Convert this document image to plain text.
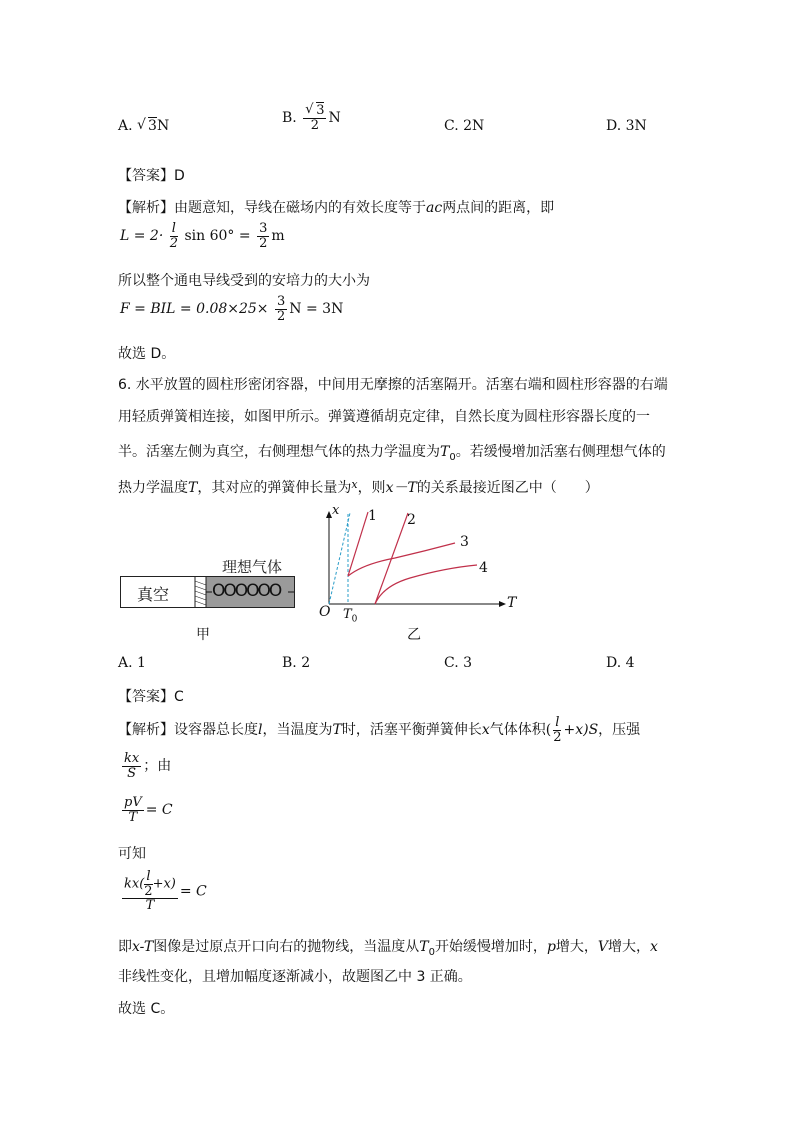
A. √ 3N	B. √ $\frac{3}{2}$ N	C. 2N	D. 3N
【答案】D
【解析】由题意知，导线在磁场内的有效长度等于ac两点间的距离，即
$L = 2\cdot \frac{l}{2}$ $\sin 60^\circ = \frac{3}{2}$ m
所以整个通电导线受到的安培力的大小为
F = BIL = $0.08\times 25\times \frac{3}{2}$ N = 3N
故选 D。
6. 水平放置的圆柱形密闭容器，中间用无摩擦的活塞隔开。活塞右端和圆柱形容器的右端
用轻质弹簧相连接，如图甲所示。弹簧遵循胡克定律，自然长度为圆柱形容器长度的一
半。活塞左侧为真空，右侧理想气体的热力学温度为$T_0$。若缓慢增加活塞右侧理想气体的
热力学温度T，其对应的弹簧伸长量为$^x$，则x－T的关系最接近图乙中（　　）
理想气体
真空	OOOOOO
甲
x 1 2
3
4
T
O $T_0$
乙
A. 1	B. 2	C. 3	D. 4
【答案】C
【解析】设容器总长度l，当温度为T时，活塞平衡弹簧伸长x气体体积( $\frac{l}{2} +x)S$，压强
$\frac{kx}{S}$ ；由
$\frac{pV}{T} = C$
可知
$\frac{kx( \frac{l}{2} +x)}{T} = C$
即x-T图像是过原点开口向右的抛物线，当温度从$T_0$开始缓慢增加时，p增大，V增大，x
非线性变化，且增加幅度逐渐减小，故题图乙中 3 正确。
故选 C。
